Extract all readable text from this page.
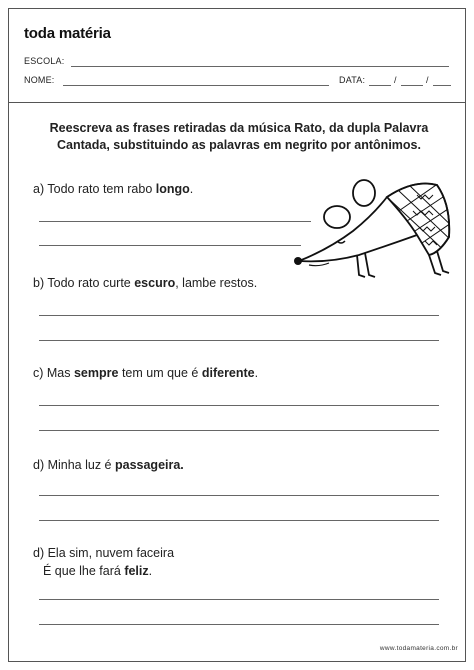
toda matéria
ESCOLA:
NOME:	DATA:	/	/
Reescreva as frases retiradas da música Rato, da dupla Palavra Cantada, substituindo as palavras em negrito por antônimos.
a) Todo rato tem rabo longo.
b) Todo rato curte escuro, lambe restos.
c) Mas sempre tem um que é diferente.
d) Minha luz é passageira.
d) Ela sim, nuvem faceira
É que lhe fará feliz.
www.todamateria.com.br
